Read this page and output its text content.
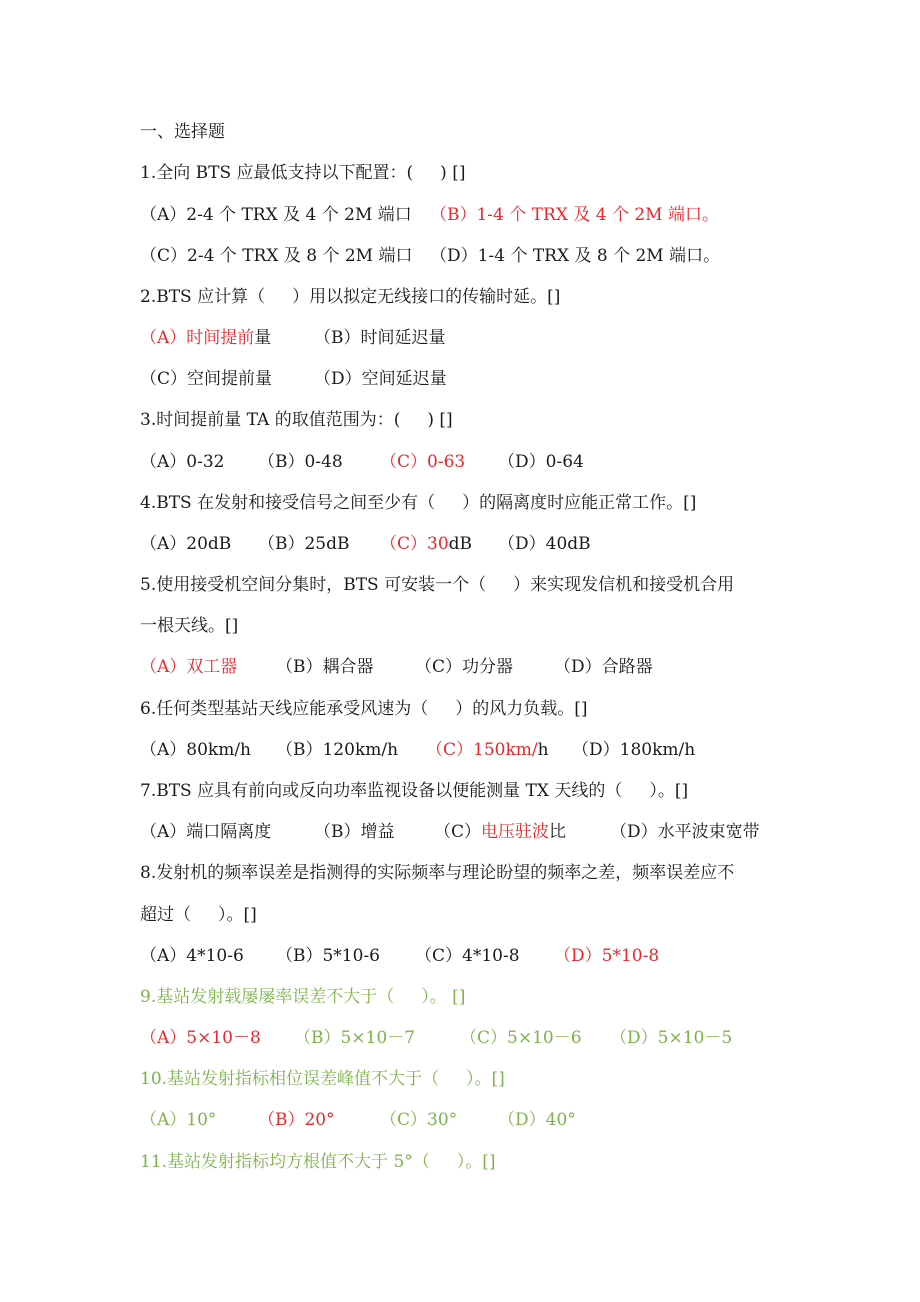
一、选择题
1.全向 BTS 应最低支持以下配置：(     ) []
（A）2-4 个 TRX 及 4 个 2M 端口 （B）1-4 个 TRX 及 4 个 2M 端口。
（C）2-4 个 TRX 及 8 个 2M 端口 （D）1-4 个 TRX 及 8 个 2M 端口。
2.BTS 应计算（     ）用以拟定无线接口的传输时延。[]
（A）时间提前量	（B）时间延迟量
（C）空间提前量 （D）空间延迟量
3.时间提前量 TA 的取值范围为：(     ) []
（A）0-32 （B）0-48 （C）0-63 （D）0-64
4.BTS 在发射和接受信号之间至少有（     ）的隔离度时应能正常工作。[]
（A）20dB （B）25dB （C）30dB （D）40dB
5.使用接受机空间分集时，BTS 可安装一个（     ）来实现发信机和接受机合用
一根天线。[]
（A）双工器 （B）耦合器 （C）功分器 （D）合路器
6.任何类型基站天线应能承受风速为（     ）的风力负载。[]
（A）80km/h （B）120km/h （C）150km/h （D）180km/h
7.BTS 应具有前向或反向功率监视设备以便能测量 TX 天线的（     ）。[]
（A）端口隔离度	（B）增益 （C）电压驻波比	（D）水平波束宽带
8.发射机的频率误差是指测得的实际频率与理论盼望的频率之差，频率误差应不
超过（     ）。[]
（A）4*10-6 （B）5*10-6 （C）4*10-8 （D）5*10-8
9.基站发射载屡屡率误差不大于（     ）。 []
（A）5×10－8 （B）5×10－7	（C）5×10－6 （D）5×10－5
10.基站发射指标相位误差峰值不大于（     ）。[]
（A）10° （B）20°	（C）30° （D）40°
11.基站发射指标均方根值不大于 5°（     ）。[]
